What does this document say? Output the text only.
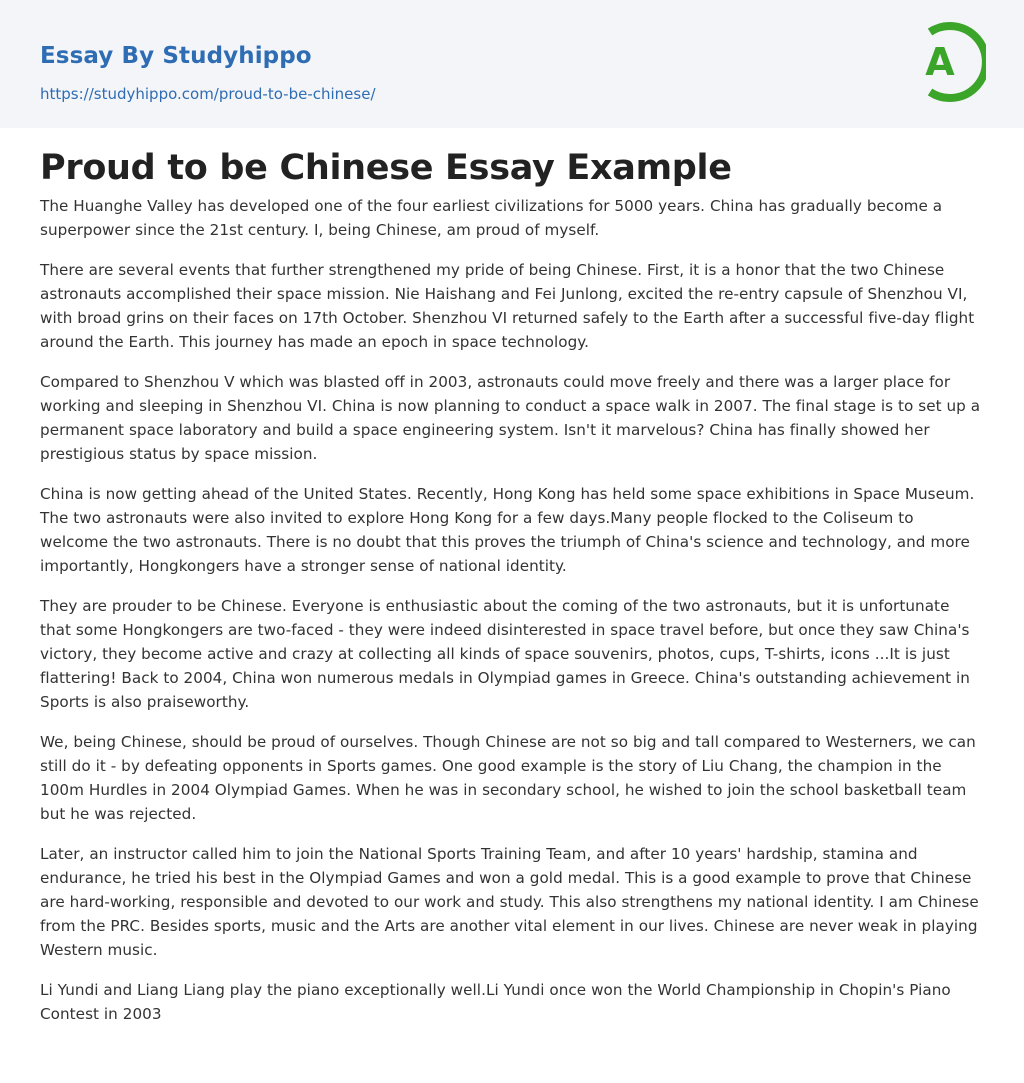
Essay By Studyhippo
https://studyhippo.com/proud-to-be-chinese/
A
Proud to be Chinese Essay Example

The Huanghe Valley has developed one of the four earliest civilizations for 5000 years. China has gradually become a superpower since the 21st century. I, being Chinese, am proud of myself.

There are several events that further strengthened my pride of being Chinese. First, it is a honor that the two Chinese astronauts accomplished their space mission. Nie Haishang and Fei Junlong, excited the re-entry capsule of Shenzhou VI, with broad grins on their faces on 17th October. Shenzhou VI returned safely to the Earth after a successful five-day flight around the Earth. This journey has made an epoch in space technology.

Compared to Shenzhou V which was blasted off in 2003, astronauts could move freely and there was a larger place for working and sleeping in Shenzhou VI. China is now planning to conduct a space walk in 2007. The final stage is to set up a permanent space laboratory and build a space engineering system. Isn't it marvelous? China has finally showed her prestigious status by space mission.

China is now getting ahead of the United States. Recently, Hong Kong has held some space exhibitions in Space Museum. The two astronauts were also invited to explore Hong Kong for a few days.Many people flocked to the Coliseum to welcome the two astronauts. There is no doubt that this proves the triumph of China's science and technology, and more importantly, Hongkongers have a stronger sense of national identity.

They are prouder to be Chinese. Everyone is enthusiastic about the coming of the two astronauts, but it is unfortunate that some Hongkongers are two-faced - they were indeed disinterested in space travel before, but once they saw China's victory, they become active and crazy at collecting all kinds of space souvenirs, photos, cups, T-shirts, icons ...It is just flattering! Back to 2004, China won numerous medals in Olympiad games in Greece. China's outstanding achievement in Sports is also praiseworthy.

We, being Chinese, should be proud of ourselves. Though Chinese are not so big and tall compared to Westerners, we can still do it - by defeating opponents in Sports games. One good example is the story of Liu Chang, the champion in the 100m Hurdles in 2004 Olympiad Games. When he was in secondary school, he wished to join the school basketball team but he was rejected.

Later, an instructor called him to join the National Sports Training Team, and after 10 years' hardship, stamina and endurance, he tried his best in the Olympiad Games and won a gold medal. This is a good example to prove that Chinese are hard-working, responsible and devoted to our work and study. This also strengthens my national identity. I am Chinese from the PRC. Besides sports, music and the Arts are another vital element in our lives. Chinese are never weak in playing Western music.

Li Yundi and Liang Liang play the piano exceptionally well.Li Yundi once won the World Championship in Chopin's Piano Contest in 2003
